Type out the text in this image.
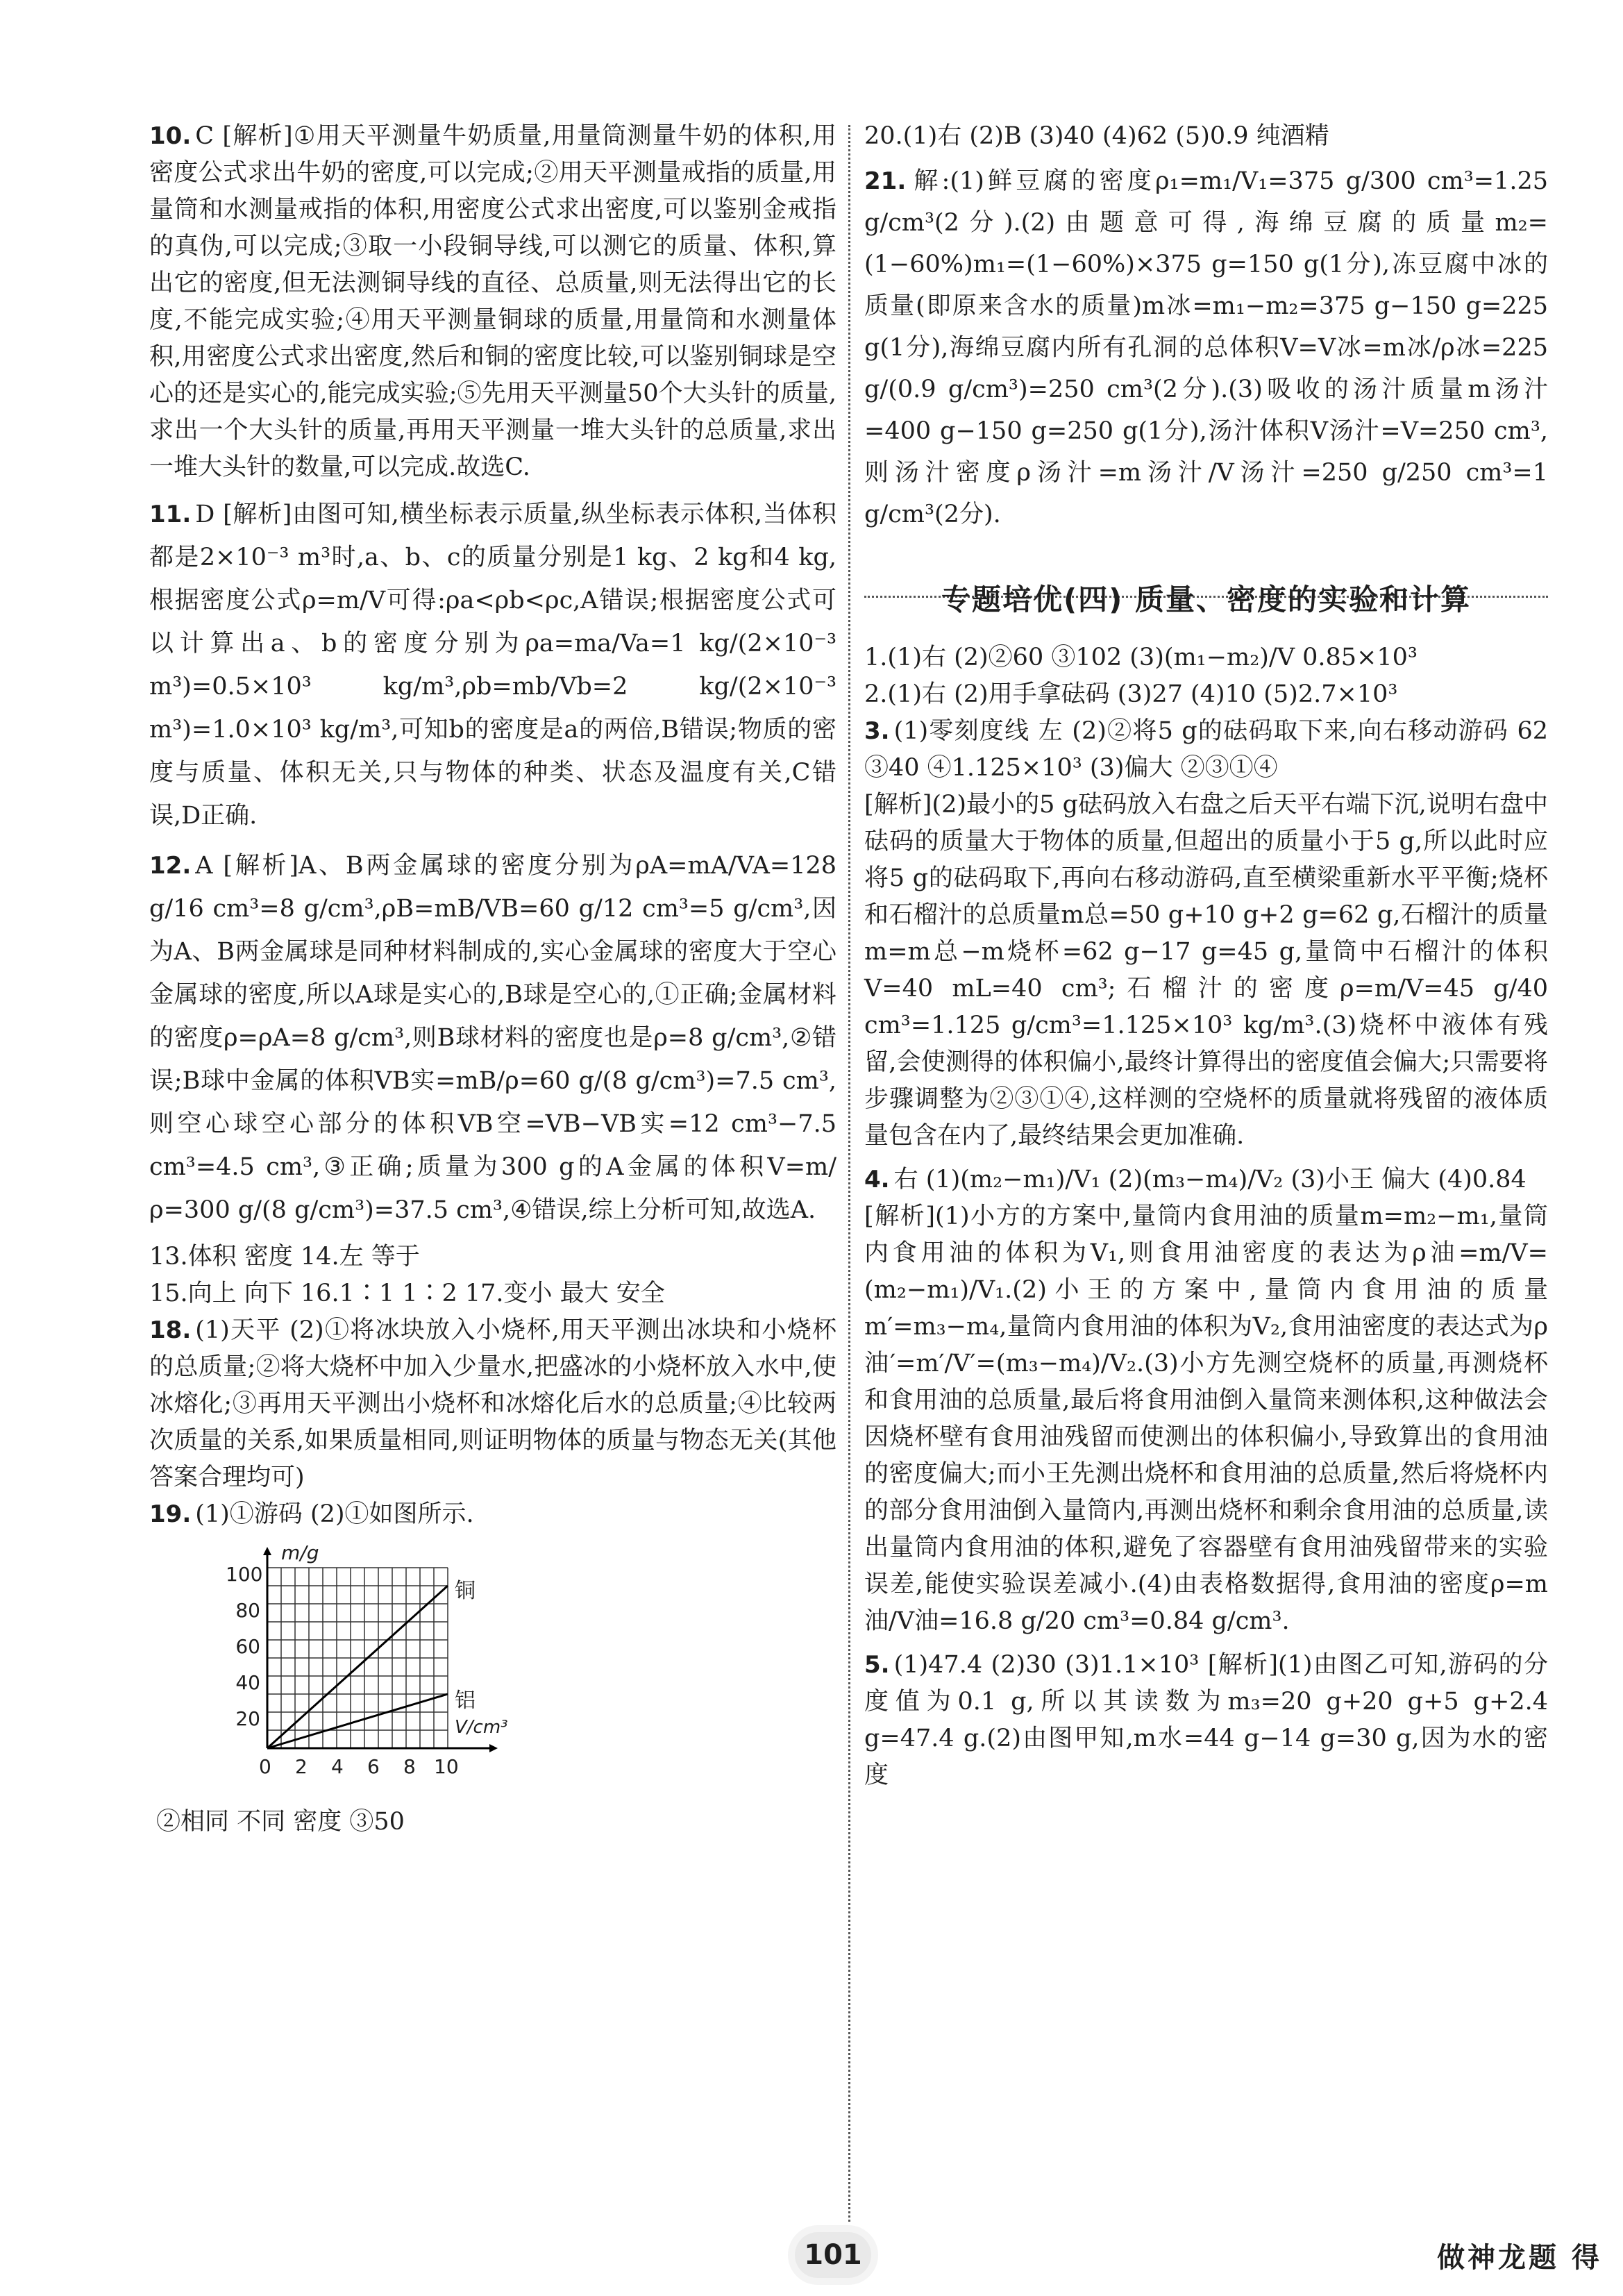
10. C [解析]①用天平测量牛奶质量,用量筒测量牛奶的体积,用密度公式求出牛奶的密度,可以完成;②用天平测量戒指的质量,用量筒和水测量戒指的体积,用密度公式求出密度,可以鉴别金戒指的真伪,可以完成;③取一小段铜导线,可以测它的质量、体积,算出它的密度,但无法测铜导线的直径、总质量,则无法得出它的长度,不能完成实验;④用天平测量铜球的质量,用量筒和水测量体积,用密度公式求出密度,然后和铜的密度比较,可以鉴别铜球是空心的还是实心的,能完成实验;⑤先用天平测量50个大头针的质量,求出一个大头针的质量,再用天平测量一堆大头针的总质量,求出一堆大头针的数量,可以完成.故选C.

11. D [解析]由图可知,横坐标表示质量,纵坐标表示体积,当体积都是2×10⁻³ m³时,a、b、c的质量分别是1 kg、2 kg和4 kg,根据密度公式ρ=m/V可得:ρa<ρb<ρc,A错误;根据密度公式可以计算出a、b的密度分别为ρa=ma/Va=1 kg/(2×10⁻³ m³)=0.5×10³ kg/m³,ρb=mb/Vb=2 kg/(2×10⁻³ m³)=1.0×10³ kg/m³,可知b的密度是a的两倍,B错误;物质的密度与质量、体积无关,只与物体的种类、状态及温度有关,C错误,D正确.

12. A [解析]A、B两金属球的密度分别为ρA=mA/VA=128 g/16 cm³=8 g/cm³,ρB=mB/VB=60 g/12 cm³=5 g/cm³,因为A、B两金属球是同种材料制成的,实心金属球的密度大于空心金属球的密度,所以A球是实心的,B球是空心的,①正确;金属材料的密度ρ=ρA=8 g/cm³,则B球材料的密度也是ρ=8 g/cm³,②错误;B球中金属的体积VB实=mB/ρ=60 g/(8 g/cm³)=7.5 cm³,则空心球空心部分的体积VB空=VB−VB实=12 cm³−7.5 cm³=4.5 cm³,③正确;质量为300 g的A金属的体积V=m/ρ=300 g/(8 g/cm³)=37.5 cm³,④错误,综上分析可知,故选A.

13.体积 密度 14.左 等于

15.向上 向下 16.1∶1 1∶2 17.变小 最大 安全

18. (1)天平 (2)①将冰块放入小烧杯,用天平测出冰块和小烧杯的总质量;②将大烧杯中加入少量水,把盛冰的小烧杯放入水中,使冰熔化;③再用天平测出小烧杯和冰熔化后水的总质量;④比较两次质量的关系,如果质量相同,则证明物体的质量与物态无关(其他答案合理均可)

19. (1)①游码 (2)①如图所示.

m/g
V/cm³
铜
铝
100
80
60
40
20
0 2 4 6 8 10

②相同 不同 密度 ③50

20.(1)右 (2)B (3)40 (4)62 (5)0.9 纯酒精

21. 解:(1)鲜豆腐的密度ρ₁=m₁/V₁=375 g/300 cm³=1.25 g/cm³(2分).(2)由题意可得,海绵豆腐的质量m₂=(1−60%)m₁=(1−60%)×375 g=150 g(1分),冻豆腐中冰的质量(即原来含水的质量)m冰=m₁−m₂=375 g−150 g=225 g(1分),海绵豆腐内所有孔洞的总体积V=V冰=m冰/ρ冰=225 g/(0.9 g/cm³)=250 cm³(2分).(3)吸收的汤汁质量m汤汁=400 g−150 g=250 g(1分),汤汁体积V汤汁=V=250 cm³,则汤汁密度ρ汤汁=m汤汁/V汤汁=250 g/250 cm³=1 g/cm³(2分).

专题培优(四) 质量、密度的实验和计算

1.(1)右 (2)②60 ③102 (3)(m₁−m₂)/V 0.85×10³

2.(1)右 (2)用手拿砝码 (3)27 (4)10 (5)2.7×10³

3. (1)零刻度线 左 (2)②将5 g的砝码取下来,向右移动游码 62 ③40 ④1.125×10³ (3)偏大 ②③①④

[解析](2)最小的5 g砝码放入右盘之后天平右端下沉,说明右盘中砝码的质量大于物体的质量,但超出的质量小于5 g,所以此时应将5 g的砝码取下,再向右移动游码,直至横梁重新水平平衡;烧杯和石榴汁的总质量m总=50 g+10 g+2 g=62 g,石榴汁的质量m=m总−m烧杯=62 g−17 g=45 g,量筒中石榴汁的体积V=40 mL=40 cm³;石榴汁的密度ρ=m/V=45 g/40 cm³=1.125 g/cm³=1.125×10³ kg/m³.(3)烧杯中液体有残留,会使测得的体积偏小,最终计算得出的密度值会偏大;只需要将步骤调整为②③①④,这样测的空烧杯的质量就将残留的液体质量包含在内了,最终结果会更加准确.

4. 右 (1)(m₂−m₁)/V₁ (2)(m₃−m₄)/V₂ (3)小王 偏大 (4)0.84

[解析](1)小方的方案中,量筒内食用油的质量m=m₂−m₁,量筒内食用油的体积为V₁,则食用油密度的表达为ρ油=m/V=(m₂−m₁)/V₁.(2)小王的方案中,量筒内食用油的质量m′=m₃−m₄,量筒内食用油的体积为V₂,食用油密度的表达式为ρ油′=m′/V′=(m₃−m₄)/V₂.(3)小方先测空烧杯的质量,再测烧杯和食用油的总质量,最后将食用油倒入量筒来测体积,这种做法会因烧杯壁有食用油残留而使测出的体积偏小,导致算出的食用油的密度偏大;而小王先测出烧杯和食用油的总质量,然后将烧杯内的部分食用油倒入量筒内,再测出烧杯和剩余食用油的总质量,读出量筒内食用油的体积,避免了容器壁有食用油残留带来的实验误差,能使实验误差减小.(4)由表格数据得,食用油的密度ρ=m油/V油=16.8 g/20 cm³=0.84 g/cm³.

5. (1)47.4 (2)30 (3)1.1×10³ [解析](1)由图乙可知,游码的分度值为0.1 g,所以其读数为m₃=20 g+20 g+5 g+2.4 g=47.4 g.(2)由图甲知,m水=44 g−14 g=30 g,因为水的密度

101	做神龙题 得
